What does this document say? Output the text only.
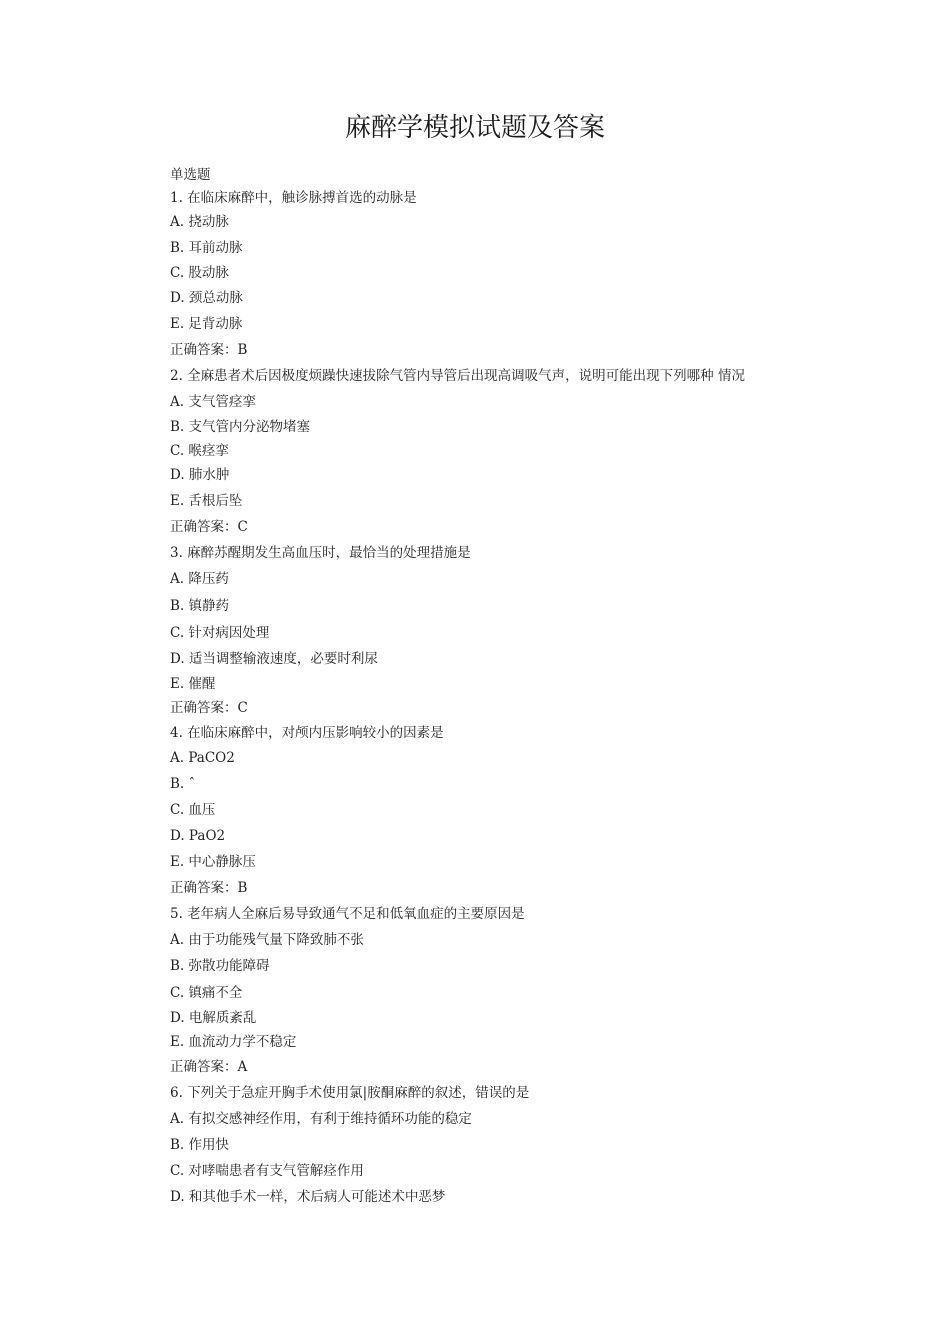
麻醉学模拟试题及答案
单选题
1. 在临床麻醉中，触诊脉搏首选的动脉是
A. 挠动脉
B. 耳前动脉
C. 股动脉
D. 颈总动脉
E. 足背动脉
正确答案：B
2. 全麻患者术后因极度烦躁快速拔除气管内导管后出现高调吸气声，说明可能出现下列哪种 情况
A. 支气管痉挛
B. 支气管内分泌物堵塞
C. 喉痉挛
D. 肺水肿
E. 舌根后坠
正确答案：C
3. 麻醉苏醒期发生高血压时，最恰当的处理措施是
A. 降压药
B. 镇静药
C. 针对病因处理
D. 适当调整输液速度，必要时利尿
E. 催醒
正确答案：C
4. 在临床麻醉中，对颅内压影响较小的因素是
A. PaCO2
B. ˆ
C. 血压
D. PaO2
E. 中心静脉压
正确答案：B
5. 老年病人全麻后易导致通气不足和低氧血症的主要原因是
A. 由于功能残气量下降致肺不张
B. 弥散功能障碍
C. 镇痛不全
D. 电解质紊乱
E. 血流动力学不稳定
正确答案：A
6. 下列关于急症开胸手术使用氯|胺酮麻醉的叙述，错误的是
A. 有拟交感神经作用，有利于维持循环功能的稳定
B. 作用快
C. 对哮喘患者有支气管解痉作用
D. 和其他手术一样，术后病人可能述术中恶梦
